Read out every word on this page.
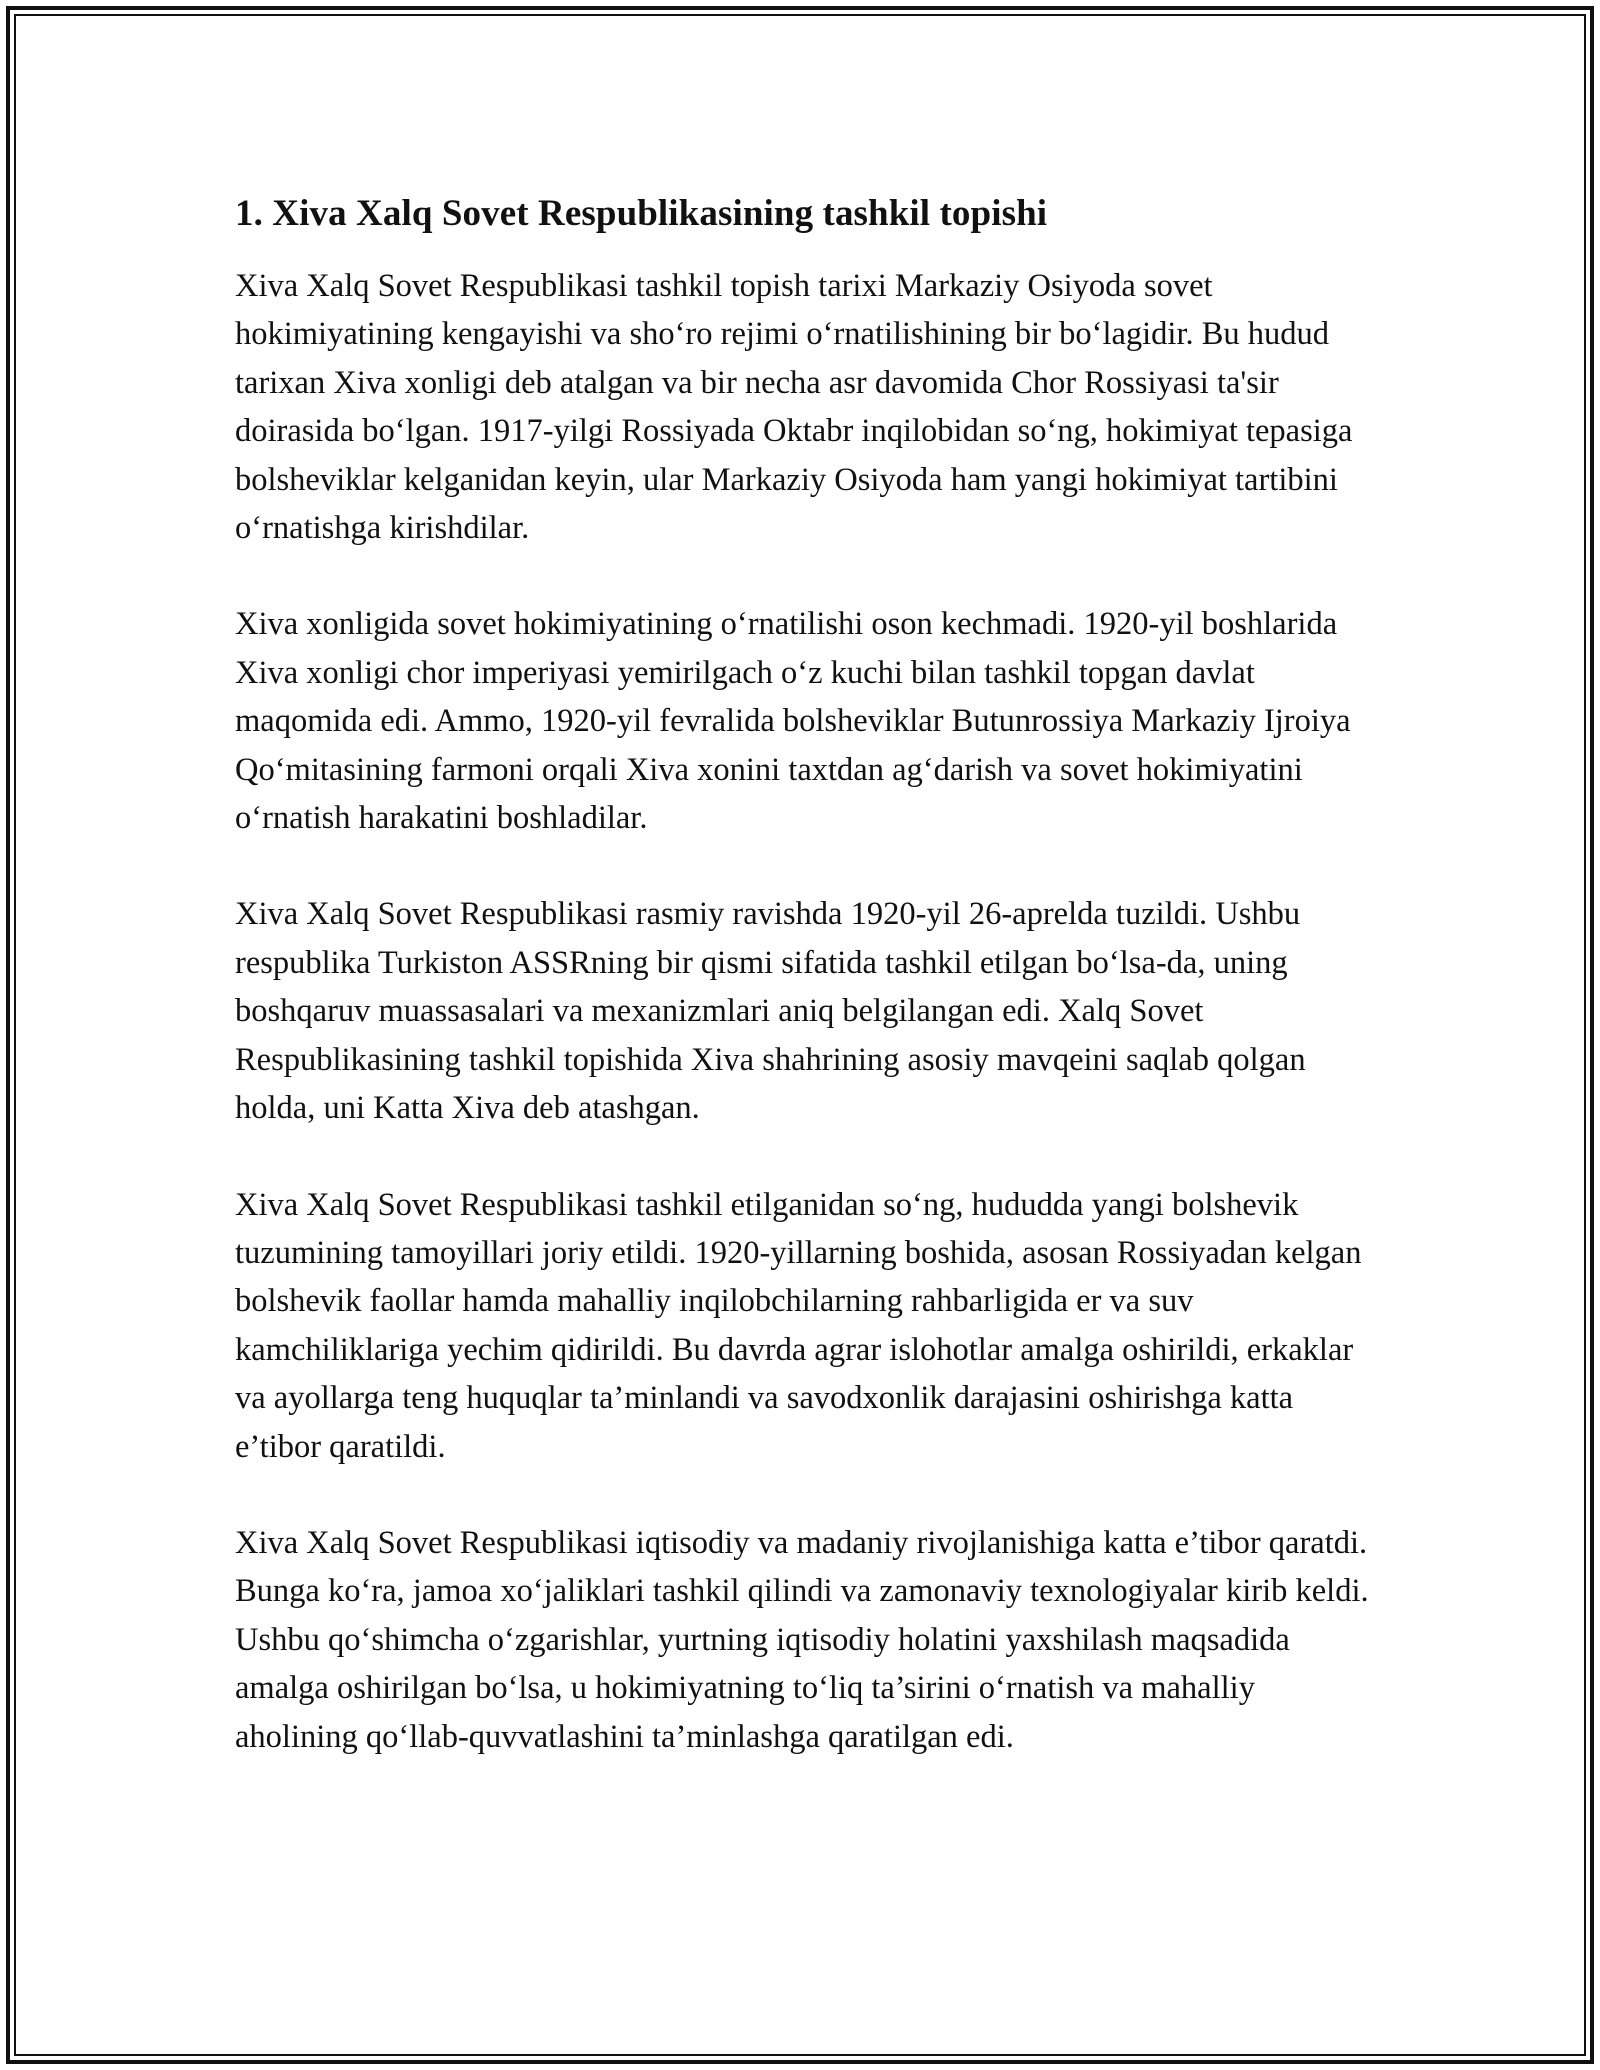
1. Xiva Xalq Sovet Respublikasining tashkil topishi

Xiva Xalq Sovet Respublikasi tashkil topish tarixi Markaziy Osiyoda sovet hokimiyatining kengayishi va sho‘ro rejimi o‘rnatilishining bir bo‘lagidir. Bu hudud tarixan Xiva xonligi deb atalgan va bir necha asr davomida Chor Rossiyasi ta'sir doirasida bo‘lgan. 1917-yilgi Rossiyada Oktabr inqilobidan so‘ng, hokimiyat tepasiga bolsheviklar kelganidan keyin, ular Markaziy Osiyoda ham yangi hokimiyat tartibini o‘rnatishga kirishdilar.

Xiva xonligida sovet hokimiyatining o‘rnatilishi oson kechmadi. 1920-yil boshlarida Xiva xonligi chor imperiyasi yemirilgach o‘z kuchi bilan tashkil topgan davlat maqomida edi. Ammo, 1920-yil fevralida bolsheviklar Butunrossiya Markaziy Ijroiya Qo‘mitasining farmoni orqali Xiva xonini taxtdan ag‘darish va sovet hokimiyatini o‘rnatish harakatini boshladilar.

Xiva Xalq Sovet Respublikasi rasmiy ravishda 1920-yil 26-aprelda tuzildi. Ushbu respublika Turkiston ASSRning bir qismi sifatida tashkil etilgan bo‘lsa-da, uning boshqaruv muassasalari va mexanizmlari aniq belgilangan edi. Xalq Sovet Respublikasining tashkil topishida Xiva shahrining asosiy mavqeini saqlab qolgan holda, uni Katta Xiva deb atashgan.

Xiva Xalq Sovet Respublikasi tashkil etilganidan so‘ng, hududda yangi bolshevik tuzumining tamoyillari joriy etildi. 1920-yillarning boshida, asosan Rossiyadan kelgan bolshevik faollar hamda mahalliy inqilobchilarning rahbarligida er va suv kamchiliklariga yechim qidirildi. Bu davrda agrar islohotlar amalga oshirildi, erkaklar va ayollarga teng huquqlar ta’minlandi va savodxonlik darajasini oshirishga katta e’tibor qaratildi.

Xiva Xalq Sovet Respublikasi iqtisodiy va madaniy rivojlanishiga katta e’tibor qaratdi. Bunga ko‘ra, jamoa xo‘jaliklari tashkil qilindi va zamonaviy texnologiyalar kirib keldi. Ushbu qo‘shimcha o‘zgarishlar, yurtning iqtisodiy holatini yaxshilash maqsadida amalga oshirilgan bo‘lsa, u hokimiyatning to‘liq ta’sirini o‘rnatish va mahalliy aholining qo‘llab-quvvatlashini ta’minlashga qaratilgan edi.
